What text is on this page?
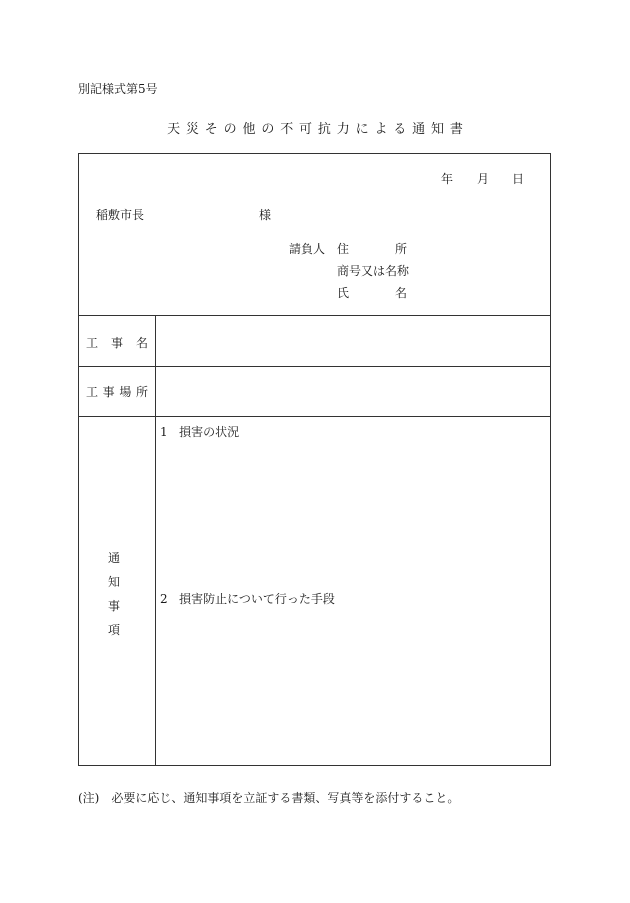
別記様式第5号
天災その他の不可抗力による通知書
年 月 日
稲敷市長	様
請負人 住所
商号又は名称
氏名
工事名
工事場所
通
知
事
項
1 損害の状況
2 損害防止について行った手段
(注)　必要に応じ、通知事項を立証する書類、写真等を添付すること。
